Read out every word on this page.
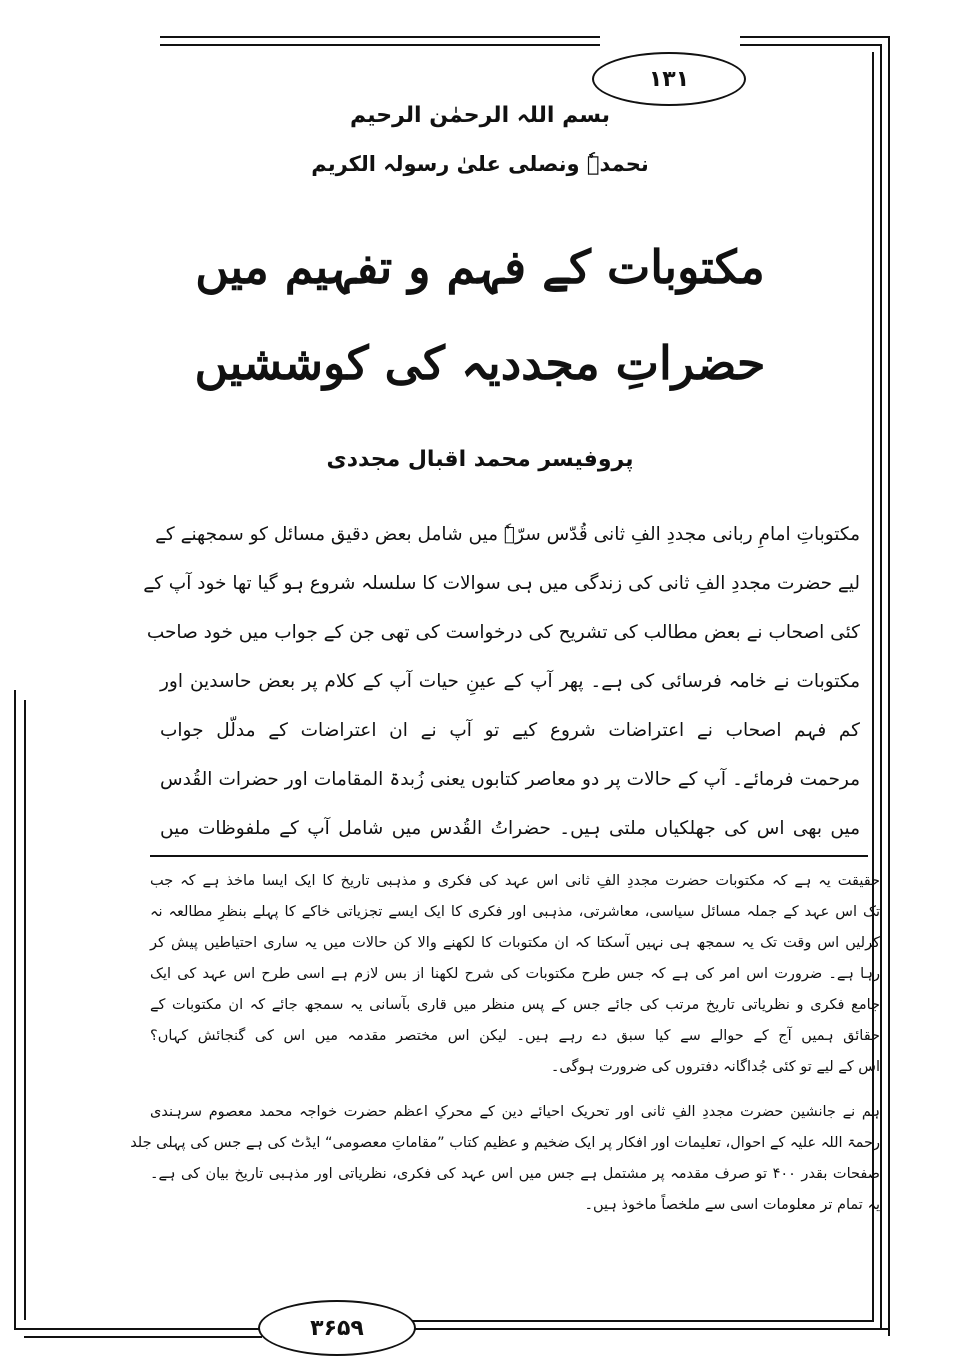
۱۳۱
۳۶۵۹
بسم اللہ الرحمٰن الرحیم
نحمدہٗ ونصلی علیٰ رسولہ الکریم
مکتوبات کے فہم و تفہیم میں
حضراتِ مجددیہ کی کوششیں
پروفیسر محمد اقبال مجددی
مکتوباتِ امامِ ربانی مجددِ الفِ ثانی قُدّس سرّہٗ میں شامل بعض دقیق مسائل کو سمجھنے کے
لیے حضرت مجددِ الفِ ثانی کی زندگی میں ہی سوالات کا سلسلہ شروع ہو گیا تھا خود آپ کے
کئی اصحاب نے بعض مطالب کی تشریح کی درخواست کی تھی جن کے جواب میں خود صاحب
مکتوبات نے خامہ فرسائی کی ہے۔ پھر آپ کے عینِ حیات آپ کے کلام پر بعض حاسدین اور
کم فہم اصحاب نے اعتراضات شروع کیے تو آپ نے ان اعتراضات کے مدلّل جواب
مرحمت فرمائے۔ آپ کے حالات پر دو معاصر کتابوں یعنی زُبدۃ المقامات اور حضرات القُدس
میں بھی اس کی جھلکیاں ملتی ہیں۔ حضراتُ القُدس میں شامل آپ کے ملفوظات میں
حقیقت یہ ہے کہ مکتوبات حضرت مجددِ الفِ ثانی اس عہد کی فکری و مذہبی تاریخ کا ایک ایسا ماخذ ہے کہ جب
تک اس عہد کے جملہ مسائل سیاسی، معاشرتی، مذہبی اور فکری کا ایک ایسے تجزیاتی خاکے کا پہلے بنظرِ مطالعہ نہ
کرلیں اس وقت تک یہ سمجھ ہی نہیں آسکتا کہ ان مکتوبات کا لکھنے والا کن حالات میں یہ ساری احتیاطیں پیش کر
رہا ہے۔ ضرورت اس امر کی ہے کہ جس طرح مکتوبات کی شرح لکھنا از بس لازم ہے اسی طرح اس عہد کی ایک
جامع فکری و نظریاتی تاریخ مرتب کی جائے جس کے پس منظر میں قاری بآسانی یہ سمجھ جائے کہ ان مکتوبات کے
حقائق ہمیں آج کے حوالے سے کیا سبق دے رہے ہیں۔ لیکن اس مختصر مقدمہ میں اس کی گنجائش کہاں؟
اس کے لیے تو کئی جُداگانہ دفتروں کی ضرورت ہوگی۔
ہم نے جانشین حضرت مجددِ الفِ ثانی اور تحریک احیائے دین کے محرکِ اعظم حضرت خواجہ محمد معصوم سرہندی
رحمۃ اللہ علیہ کے احوال، تعلیمات اور افکار پر ایک ضخیم و عظیم کتاب ”مقاماتِ معصومی“ ایڈٹ کی ہے جس کی پہلی جلد
صفحات بقدر ۴۰۰ تو صرف مقدمہ پر مشتمل ہے جس میں اس عہد کی فکری، نظریاتی اور مذہبی تاریخ بیان کی ہے۔
یہ تمام تر معلومات اسی سے ملخصاً ماخوذ ہیں۔
